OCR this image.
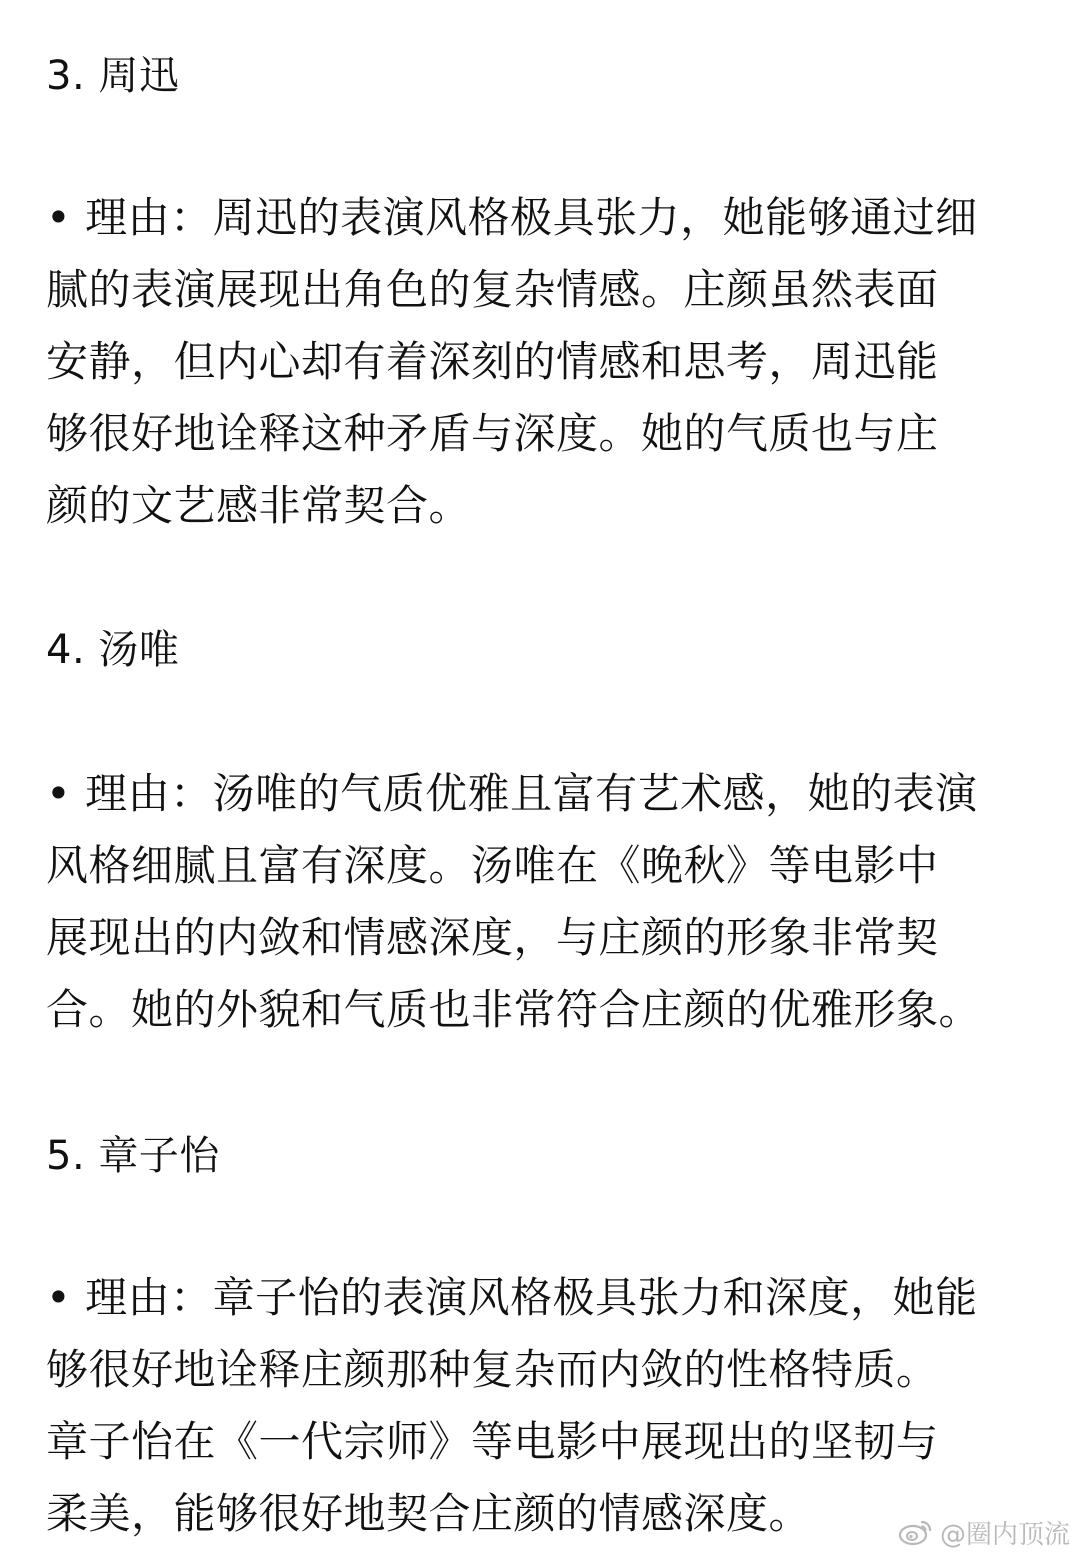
3. 周迅
• 理由：周迅的表演风格极具张力，她能够通过细
腻的表演展现出角色的复杂情感。庄颜虽然表面
安静，但内心却有着深刻的情感和思考，周迅能
够很好地诠释这种矛盾与深度。她的气质也与庄
颜的文艺感非常契合。
4. 汤唯
• 理由：汤唯的气质优雅且富有艺术感，她的表演
风格细腻且富有深度。汤唯在《晚秋》等电影中
展现出的内敛和情感深度，与庄颜的形象非常契
合。她的外貌和气质也非常符合庄颜的优雅形象。
5. 章子怡
• 理由：章子怡的表演风格极具张力和深度，她能
够很好地诠释庄颜那种复杂而内敛的性格特质。
章子怡在《一代宗师》等电影中展现出的坚韧与
柔美，能够很好地契合庄颜的情感深度。	@圈内顶流
